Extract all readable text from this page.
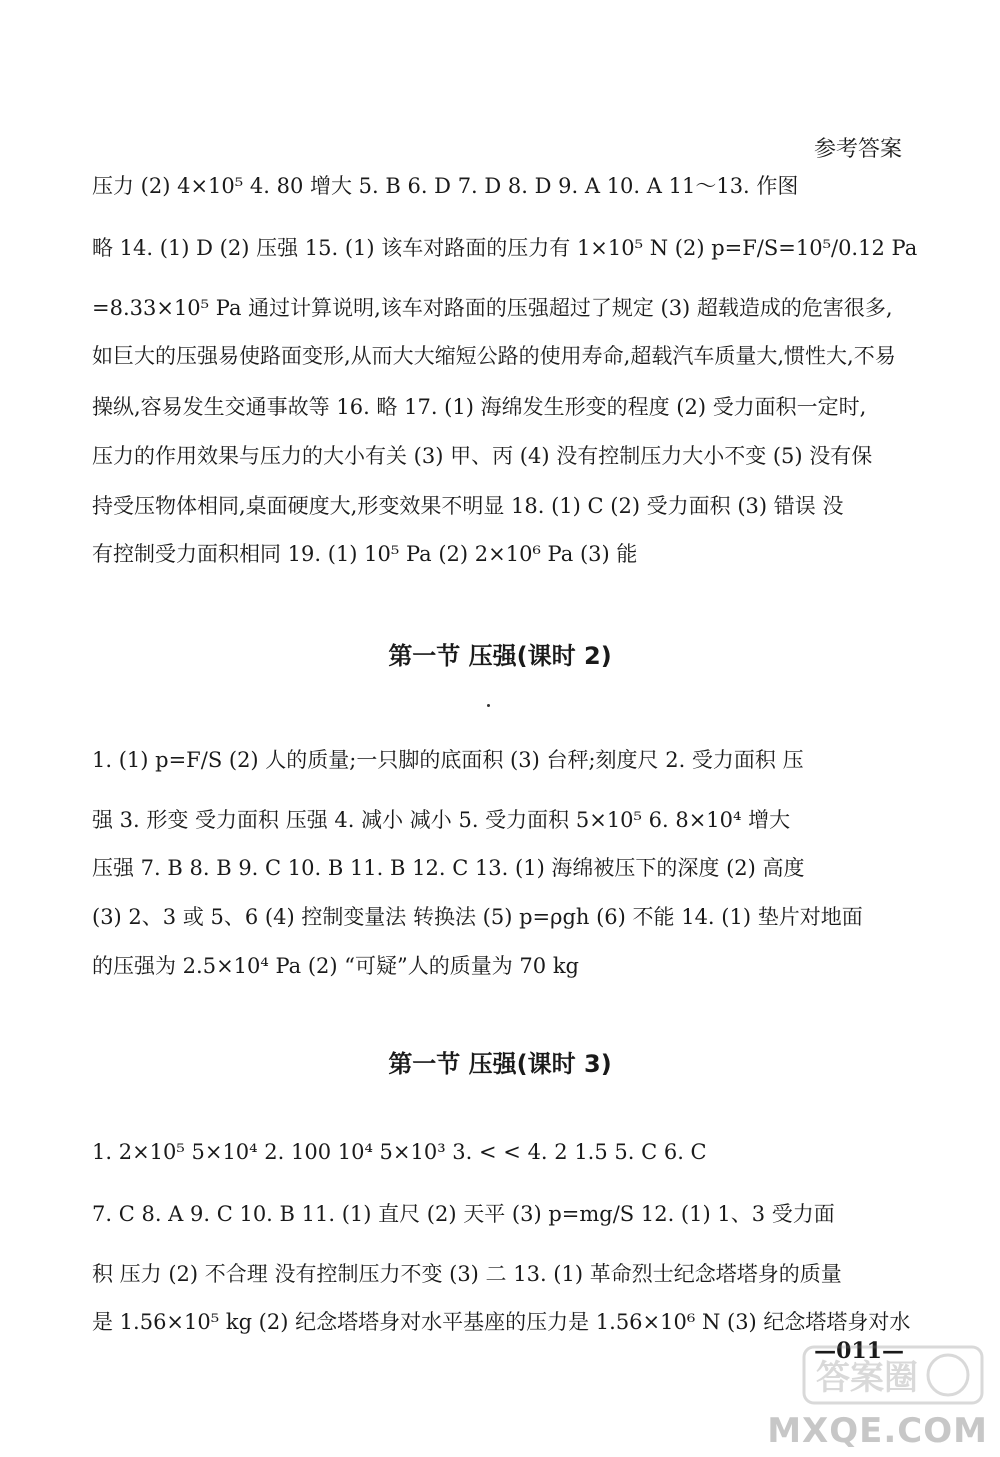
参考答案
压力 (2) 4×10⁵ 4. 80 增大 5. B 6. D 7. D 8. D 9. A 10. A 11～13. 作图
略 14. (1) D (2) 压强 15. (1) 该车对路面的压力有 1×10⁵ N (2) p=F/S=10⁵/0.12 Pa
=8.33×10⁵ Pa 通过计算说明,该车对路面的压强超过了规定 (3) 超载造成的危害很多,
如巨大的压强易使路面变形,从而大大缩短公路的使用寿命,超载汽车质量大,惯性大,不易
操纵,容易发生交通事故等 16. 略 17. (1) 海绵发生形变的程度 (2) 受力面积一定时,
压力的作用效果与压力的大小有关 (3) 甲、丙 (4) 没有控制压力大小不变 (5) 没有保
持受压物体相同,桌面硬度大,形变效果不明显 18. (1) C (2) 受力面积 (3) 错误 没
有控制受力面积相同 19. (1) 10⁵ Pa (2) 2×10⁶ Pa (3) 能
第一节 压强(课时 2)
1. (1) p=F/S (2) 人的质量;一只脚的底面积 (3) 台秤;刻度尺 2. 受力面积 压
强 3. 形变 受力面积 压强 4. 减小 减小 5. 受力面积 5×10⁵ 6. 8×10⁴ 增大
压强 7. B 8. B 9. C 10. B 11. B 12. C 13. (1) 海绵被压下的深度 (2) 高度
(3) 2、3 或 5、6 (4) 控制变量法 转换法 (5) p=ρgh (6) 不能 14. (1) 垫片对地面
的压强为 2.5×10⁴ Pa (2) “可疑”人的质量为 70 kg
第一节 压强(课时 3)
1. 2×10⁵ 5×10⁴ 2. 100 10⁴ 5×10³ 3. < < 4. 2 1.5 5. C 6. C
7. C 8. A 9. C 10. B 11. (1) 直尺 (2) 天平 (3) p=mg/S 12. (1) 1、3 受力面
积 压力 (2) 不合理 没有控制压力不变 (3) 二 13. (1) 革命烈士纪念塔塔身的质量
是 1.56×10⁵ kg (2) 纪念塔塔身对水平基座的压力是 1.56×10⁶ N (3) 纪念塔塔身对水
—011—
答案圈
MXQE.COM
